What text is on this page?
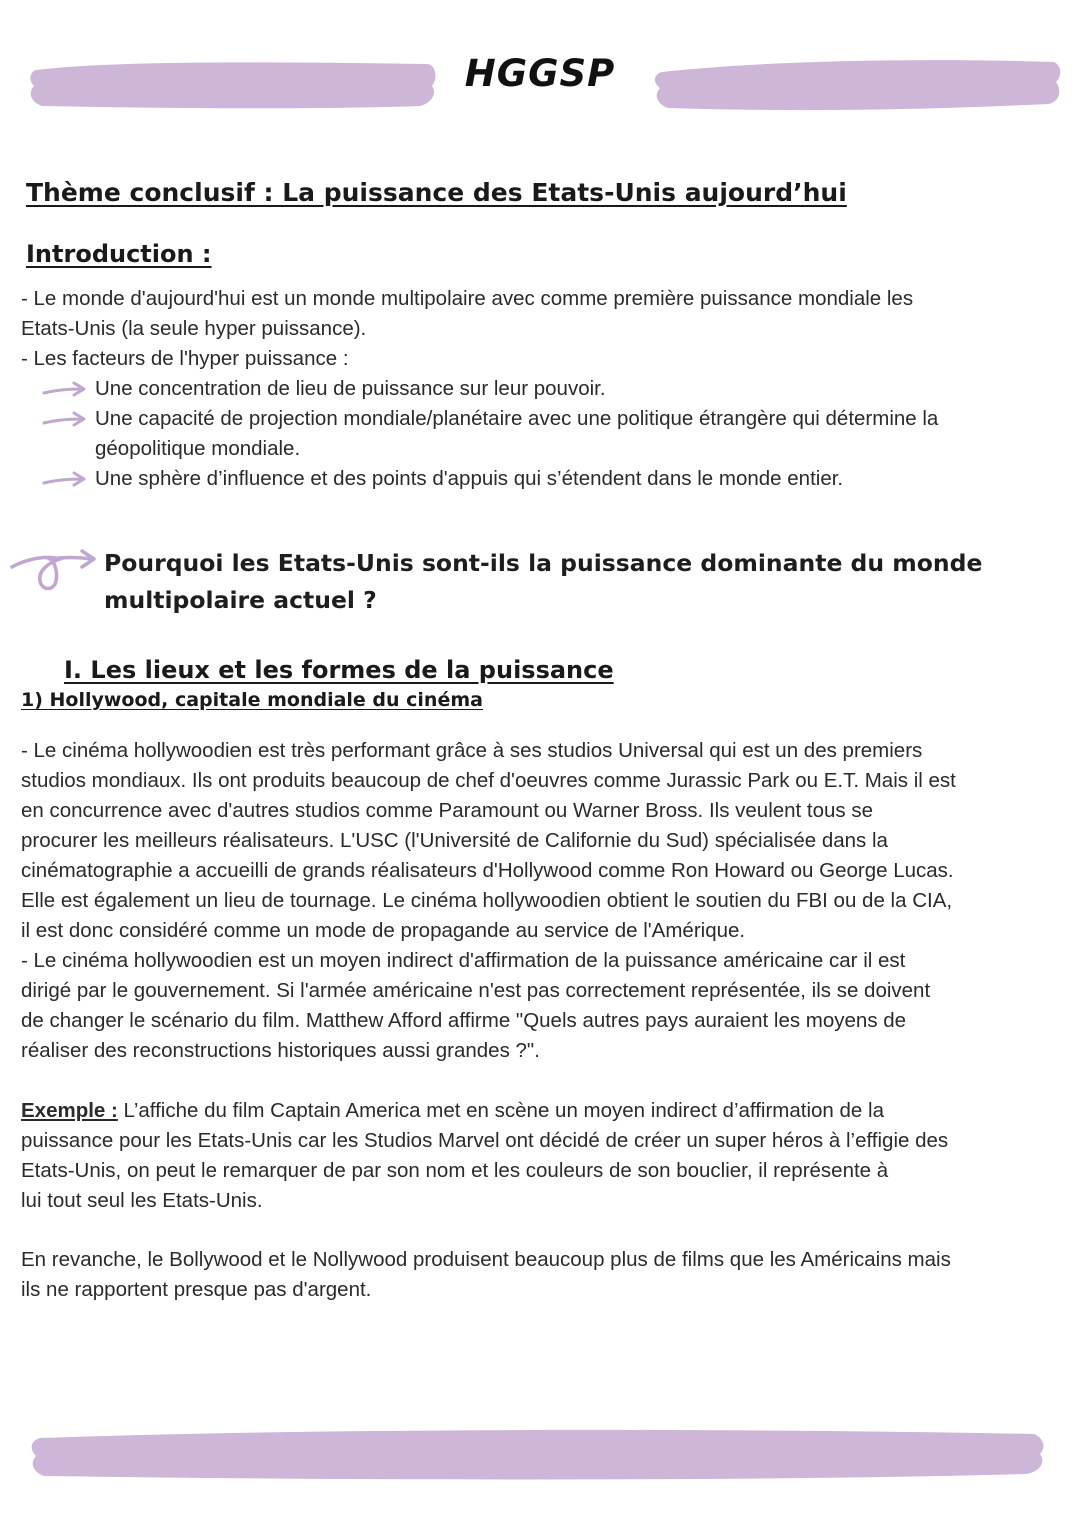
HGGSP
Thème conclusif : La puissance des Etats-Unis aujourd’hui
Introduction :
- Le monde d'aujourd'hui est un monde multipolaire avec comme première puissance mondiale les
Etats-Unis (la seule hyper puissance).
- Les facteurs de l'hyper puissance :
Une concentration de lieu de puissance sur leur pouvoir.
Une capacité de projection mondiale/planétaire avec une politique étrangère qui détermine la
géopolitique mondiale.
Une sphère d’influence et des points d'appuis qui s’étendent dans le monde entier.
Pourquoi les Etats-Unis sont-ils la puissance dominante du monde
multipolaire actuel ?
I. Les lieux et les formes de la puissance
1) Hollywood, capitale mondiale du cinéma
- Le cinéma hollywoodien est très performant grâce à ses studios Universal qui est un des premiers
studios mondiaux. Ils ont produits beaucoup de chef d'oeuvres comme Jurassic Park ou E.T. Mais il est
en concurrence avec d'autres studios comme Paramount ou Warner Bross. Ils veulent tous se
procurer les meilleurs réalisateurs. L'USC (l'Université de Californie du Sud) spécialisée dans la
cinématographie a accueilli de grands réalisateurs d'Hollywood comme Ron Howard ou George Lucas.
Elle est également un lieu de tournage. Le cinéma hollywoodien obtient le soutien du FBI ou de la CIA,
il est donc considéré comme un mode de propagande au service de l'Amérique.
- Le cinéma hollywoodien est un moyen indirect d'affirmation de la puissance américaine car il est
dirigé par le gouvernement. Si l'armée américaine n'est pas correctement représentée, ils se doivent
de changer le scénario du film. Matthew Afford affirme "Quels autres pays auraient les moyens de
réaliser des reconstructions historiques aussi grandes ?".
Exemple : L’affiche du film Captain America met en scène un moyen indirect d’affirmation de la
puissance pour les Etats-Unis car les Studios Marvel ont décidé de créer un super héros à l’effigie des
Etats-Unis, on peut le remarquer de par son nom et les couleurs de son bouclier, il représente à
lui tout seul les Etats-Unis.
En revanche, le Bollywood et le Nollywood produisent beaucoup plus de films que les Américains mais
ils ne rapportent presque pas d'argent.
